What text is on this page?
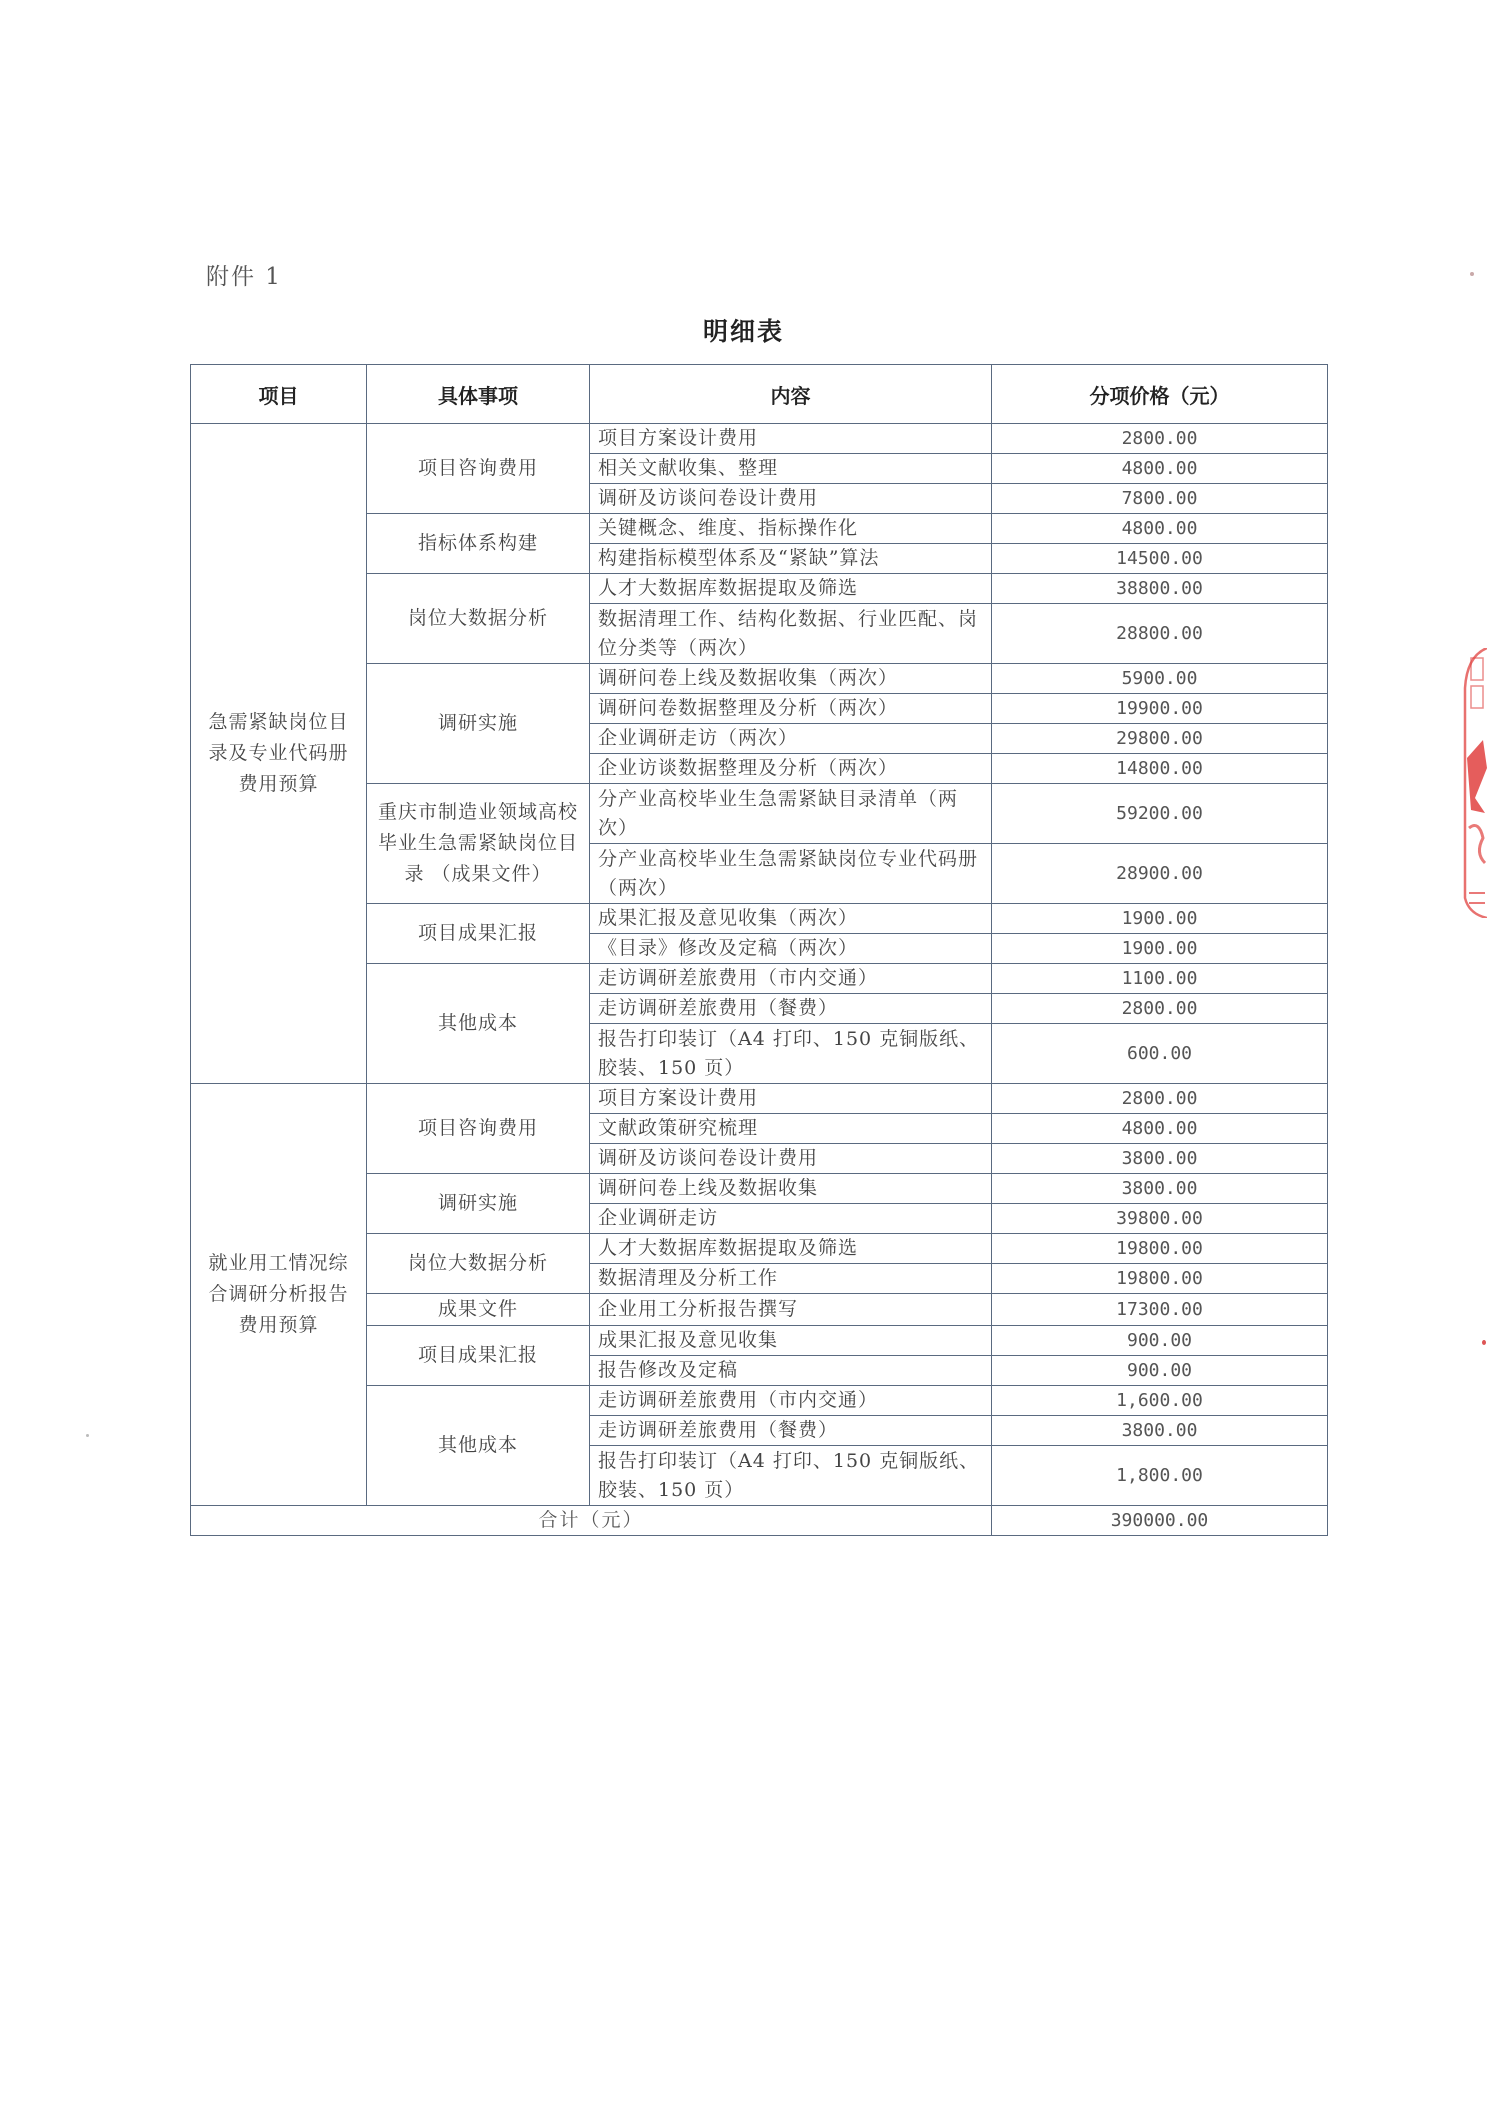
附件 1
明细表
项目	具体事项	内容	分项价格（元）
急需紧缺岗位目录及专业代码册费用预算	项目咨询费用	项目方案设计费用	2800.00
		相关文献收集、整理	4800.00
		调研及访谈问卷设计费用	7800.00
	指标体系构建	关键概念、维度、指标操作化	4800.00
		构建指标模型体系及“紧缺”算法	14500.00
	岗位大数据分析	人才大数据库数据提取及筛选	38800.00
		数据清理工作、结构化数据、行业匹配、岗位分类等（两次）	28800.00
	调研实施	调研问卷上线及数据收集（两次）	5900.00
		调研问卷数据整理及分析（两次）	19900.00
		企业调研走访（两次）	29800.00
		企业访谈数据整理及分析（两次）	14800.00
	重庆市制造业领域高校毕业生急需紧缺岗位目录 （成果文件）	分产业高校毕业生急需紧缺目录清单（两次）	59200.00
		分产业高校毕业生急需紧缺岗位专业代码册（两次）	28900.00
	项目成果汇报	成果汇报及意见收集（两次）	1900.00
		《目录》修改及定稿（两次）	1900.00
	其他成本	走访调研差旅费用（市内交通）	1100.00
		走访调研差旅费用（餐费）	2800.00
		报告打印装订（A4 打印、150 克铜版纸、胶装、150 页）	600.00
就业用工情况综合调研分析报告费用预算	项目咨询费用	项目方案设计费用	2800.00
		文献政策研究梳理	4800.00
		调研及访谈问卷设计费用	3800.00
	调研实施	调研问卷上线及数据收集	3800.00
		企业调研走访	39800.00
	岗位大数据分析	人才大数据库数据提取及筛选	19800.00
		数据清理及分析工作	19800.00
	成果文件	企业用工分析报告撰写	17300.00
	项目成果汇报	成果汇报及意见收集	900.00
		报告修改及定稿	900.00
	其他成本	走访调研差旅费用（市内交通）	1,600.00
		走访调研差旅费用（餐费）	3800.00
		报告打印装订（A4 打印、150 克铜版纸、胶装、150 页）	1,800.00
合计（元）			390000.00
